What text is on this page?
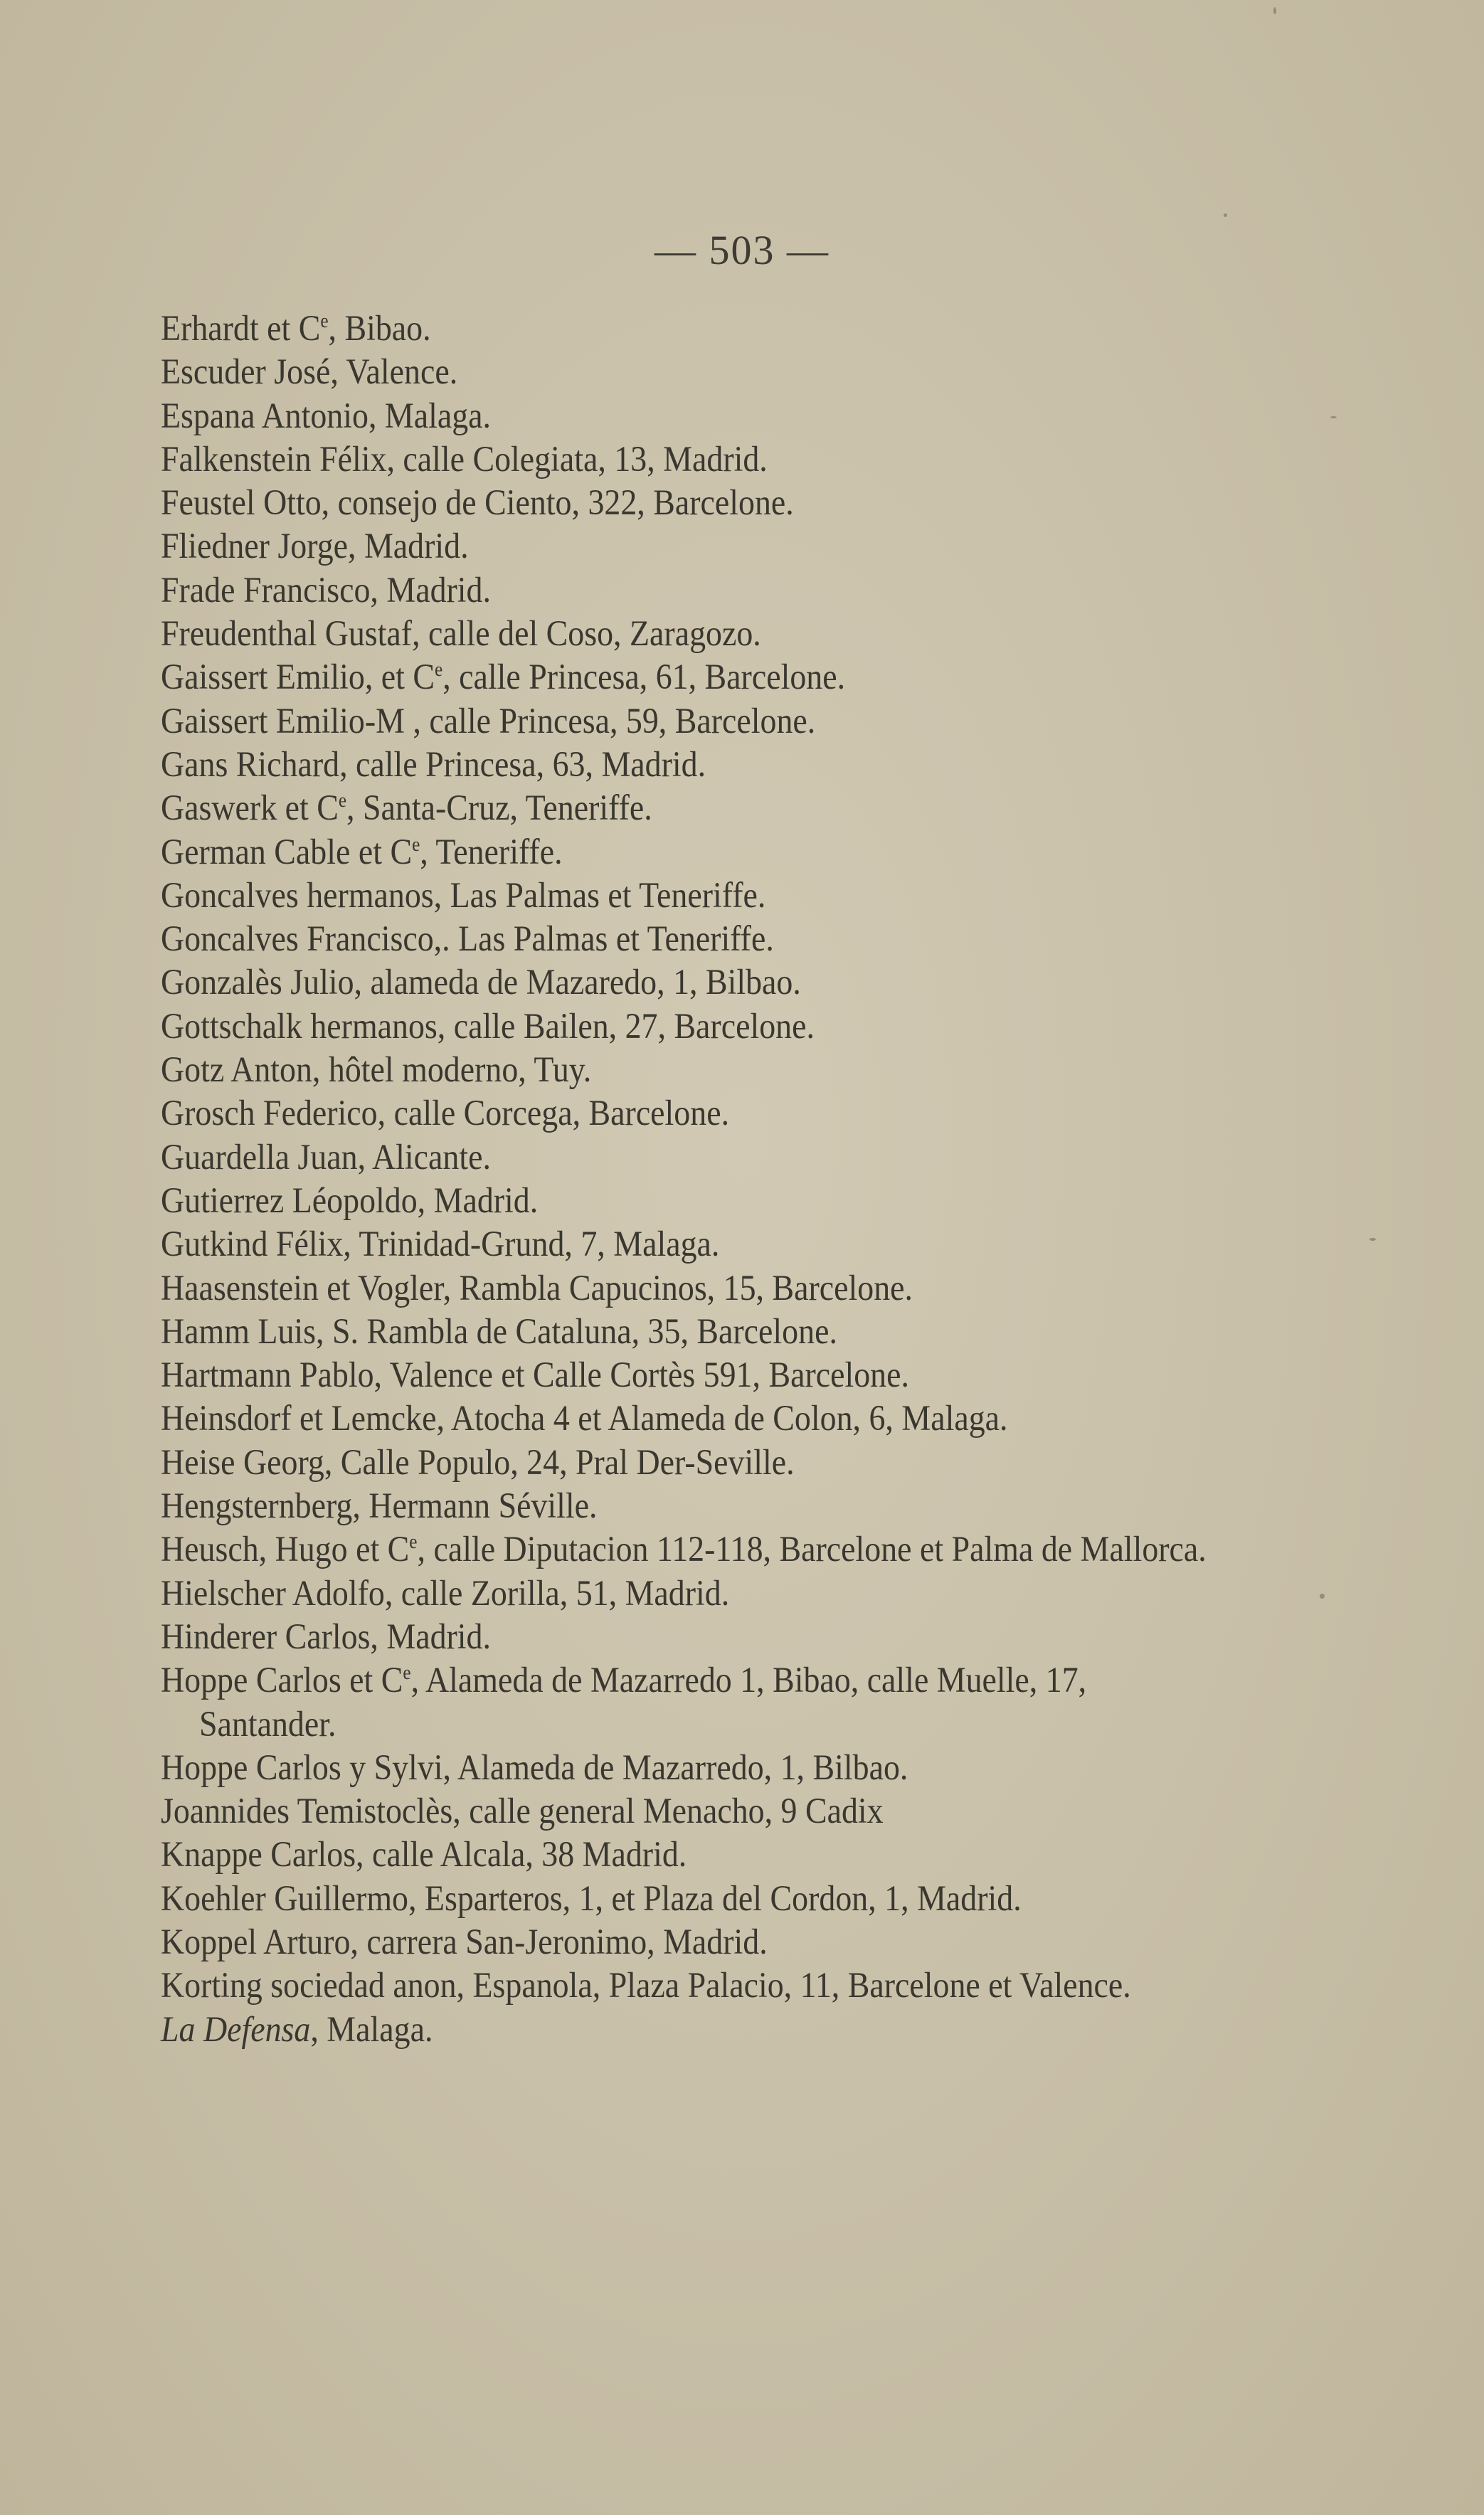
— 503 —
Erhardt et Ce, Bibao.
Escuder José, Valence.
Espana Antonio, Malaga.
Falkenstein Félix, calle Colegiata, 13, Madrid.
Feustel Otto, consejo de Ciento, 322, Barcelone.
Fliedner Jorge, Madrid.
Frade Francisco, Madrid.
Freudenthal Gustaf, calle del Coso, Zaragozo.
Gaissert Emilio, et Ce, calle Princesa, 61, Barcelone.
Gaissert Emilio-M , calle Princesa, 59, Barcelone.
Gans Richard, calle Princesa, 63, Madrid.
Gaswerk et Ce, Santa-Cruz, Teneriffe.
German Cable et Ce, Teneriffe.
Goncalves hermanos, Las Palmas et Teneriffe.
Goncalves Francisco,. Las Palmas et Teneriffe.
Gonzalès Julio, alameda de Mazaredo, 1, Bilbao.
Gottschalk hermanos, calle Bailen, 27, Barcelone.
Gotz Anton, hôtel moderno, Tuy.
Grosch Federico, calle Corcega, Barcelone.
Guardella Juan, Alicante.
Gutierrez Léopoldo, Madrid.
Gutkind Félix, Trinidad-Grund, 7, Malaga.
Haasenstein et Vogler, Rambla Capucinos, 15, Barcelone.
Hamm Luis, S. Rambla de Cataluna, 35, Barcelone.
Hartmann Pablo, Valence et Calle Cortès 591, Barcelone.
Heinsdorf et Lemcke, Atocha 4 et Alameda de Colon, 6, Malaga.
Heise Georg, Calle Populo, 24, Pral Der-Seville.
Hengsternberg, Hermann Séville.
Heusch, Hugo et Ce, calle Diputacion 112-118, Barcelone et Palma de Mallorca.
Hielscher Adolfo, calle Zorilla, 51, Madrid.
Hinderer Carlos, Madrid.
Hoppe Carlos et Ce, Alameda de Mazarredo 1, Bibao, calle Muelle, 17, Santander.
Hoppe Carlos y Sylvi, Alameda de Mazarredo, 1, Bilbao.
Joannides Temistoclès, calle general Menacho, 9 Cadix
Knappe Carlos, calle Alcala, 38 Madrid.
Koehler Guillermo, Esparteros, 1, et Plaza del Cordon, 1, Madrid.
Koppel Arturo, carrera San-Jeronimo, Madrid.
Korting sociedad anon, Espanola, Plaza Palacio, 11, Barcelone et Valence.
La Defensa, Malaga.
